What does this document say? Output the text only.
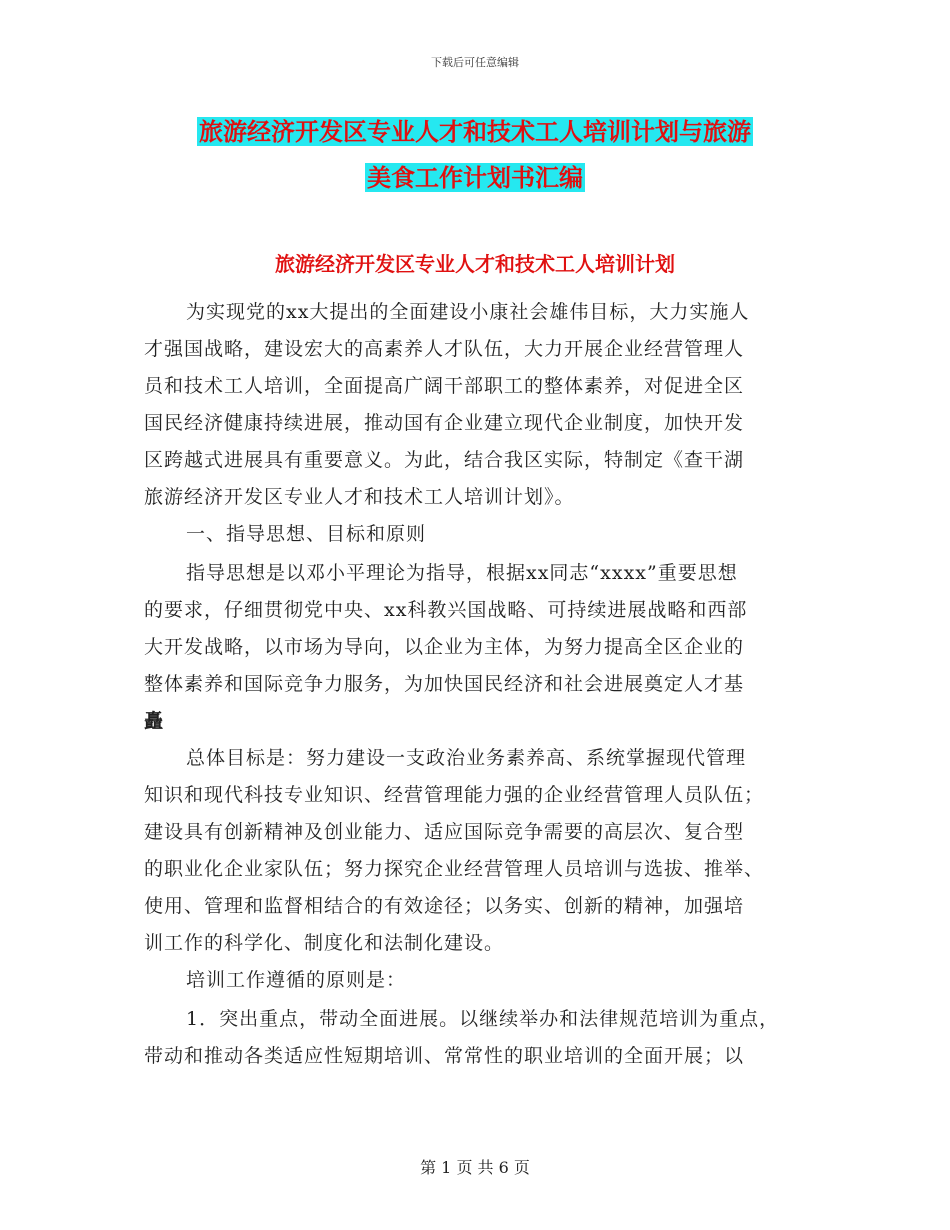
下载后可任意编辑
旅游经济开发区专业人才和技术工人培训计划与旅游
美食工作计划书汇编
旅游经济开发区专业人才和技术工人培训计划
为实现党的xx大提出的全面建设小康社会雄伟目标，大力实施人
才强国战略，建设宏大的高素养人才队伍，大力开展企业经营管理人
员和技术工人培训，全面提高广阔干部职工的整体素养，对促进全区
国民经济健康持续进展，推动国有企业建立现代企业制度，加快开发
区跨越式进展具有重要意义。为此，结合我区实际，特制定《查干湖
旅游经济开发区专业人才和技术工人培训计划》。
一、指导思想、目标和原则
指导思想是以邓小平理论为指导，根据xx同志“xxxx”重要思想
的要求，仔细贯彻党中央、xx科教兴国战略、可持续进展战略和西部
大开发战略，以市场为导向，以企业为主体，为努力提高全区企业的
整体素养和国际竞争力服务，为加快国民经济和社会进展奠定人才基
矗
总体目标是：努力建设一支政治业务素养高、系统掌握现代管理
知识和现代科技专业知识、经营管理能力强的企业经营管理人员队伍；
建设具有创新精神及创业能力、适应国际竞争需要的高层次、复合型
的职业化企业家队伍；努力探究企业经营管理人员培训与选拔、推举、
使用、管理和监督相结合的有效途径；以务实、创新的精神，加强培
训工作的科学化、制度化和法制化建设。
培训工作遵循的原则是：
1．突出重点，带动全面进展。以继续举办和法律规范培训为重点，
带动和推动各类适应性短期培训、常常性的职业培训的全面开展；以
第 1 页 共 6 页
